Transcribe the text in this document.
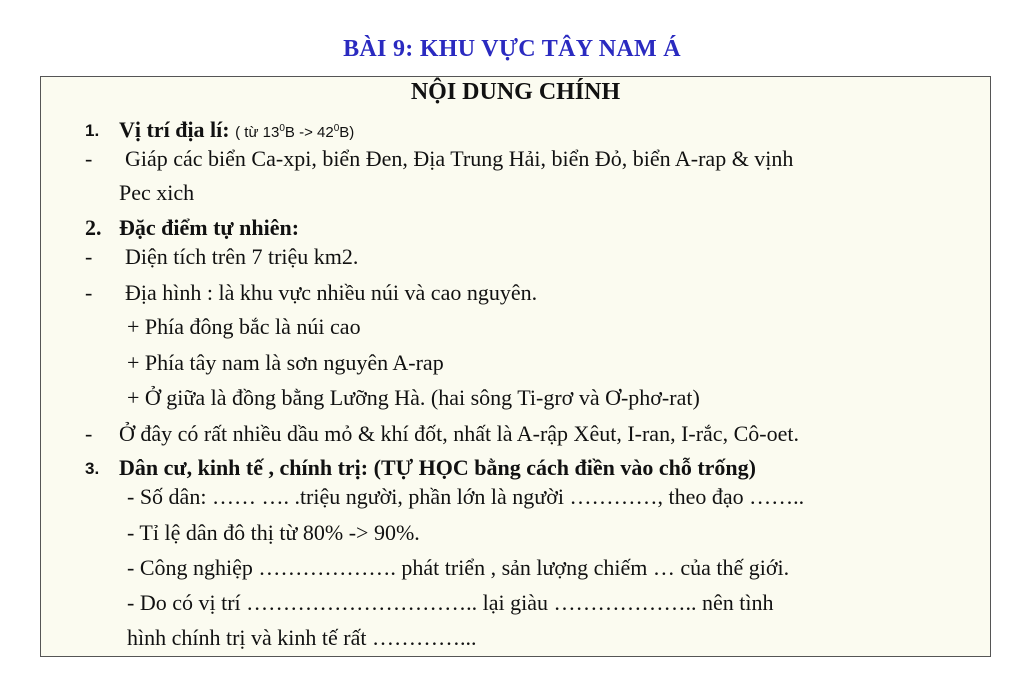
BÀI 9: KHU VỰC TÂY NAM Á
NỘI DUNG CHÍNH
1. Vị trí địa lí: ( từ $13^0B -> 42^0B$)
- Giáp các biển Ca-xpi, biển Đen, Địa Trung Hải, biển Đỏ, biển A-rap & vịnh
Pec xich
2. Đặc điểm tự nhiên:
- Diện tích trên 7 triệu km2.
- Địa hình : là khu vực nhiều núi và cao nguyên.
+ Phía đông bắc là núi cao
+ Phía tây nam là sơn nguyên A-rap
+ Ở giữa là đồng bằng Lưỡng Hà. (hai sông Ti-grơ và Ơ-phơ-rat)
- Ở đây có rất nhiều dầu mỏ & khí đốt, nhất là A-rập Xêut, I-ran, I-rắc, Cô-oet.
3. Dân cư, kinh tế , chính trị: (TỰ HỌC bằng cách điền vào chỗ trống)
- Số dân: …… …. .triệu người, phần lớn là người …………, theo đạo ……..
- Tỉ lệ dân đô thị từ 80% -> 90%.
- Công nghiệp ………………. phát triển , sản lượng chiếm … của thế giới.
- Do có vị trí ………………………….. lại giàu ……………….. nên tình
hình chính trị và kinh tế rất …………...
